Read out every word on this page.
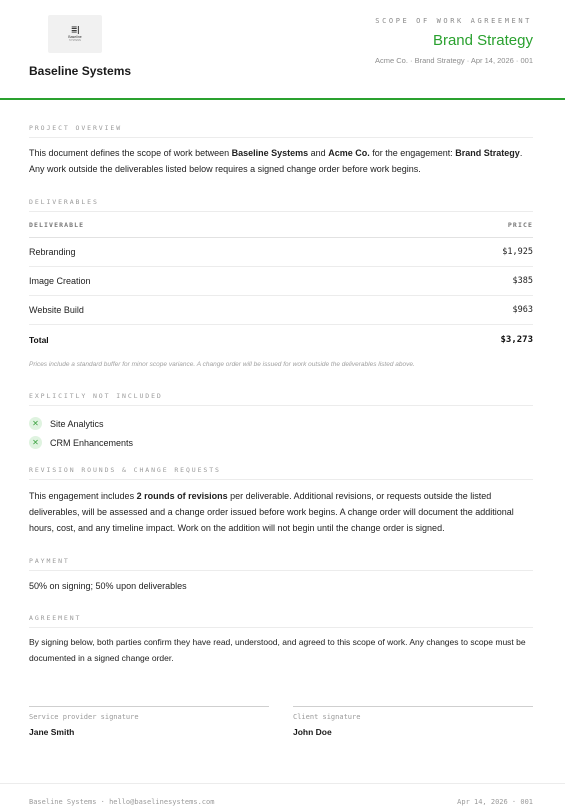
≣|
Baseline
SYSTEMS
Baseline Systems
SCOPE OF WORK AGREEMENT
Brand Strategy
Acme Co. · Brand Strategy · Apr 14, 2026 · 001
PROJECT OVERVIEW
This document defines the scope of work between Baseline Systems and Acme Co. for the engagement: Brand Strategy. Any work outside the deliverables listed below requires a signed change order before work begins.
DELIVERABLES
DELIVERABLE	PRICE
Rebranding	$1,925
Image Creation	$385
Website Build	$963
Total	$3,273
Prices include a standard buffer for minor scope variance. A change order will be issued for work outside the deliverables listed above.
EXPLICITLY NOT INCLUDED
✕	Site Analytics
✕	CRM Enhancements
REVISION ROUNDS & CHANGE REQUESTS
This engagement includes 2 rounds of revisions per deliverable. Additional revisions, or requests outside the listed deliverables, will be assessed and a change order issued before work begins. A change order will document the additional hours, cost, and any timeline impact. Work on the addition will not begin until the change order is signed.
PAYMENT
50% on signing; 50% upon deliverables
AGREEMENT
By signing below, both parties confirm they have read, understood, and agreed to this scope of work. Any changes to scope must be documented in a signed change order.
Service provider signature
Jane Smith
Client signature
John Doe
Baseline Systems · hello@baselinesystems.com	Apr 14, 2026 · 001
